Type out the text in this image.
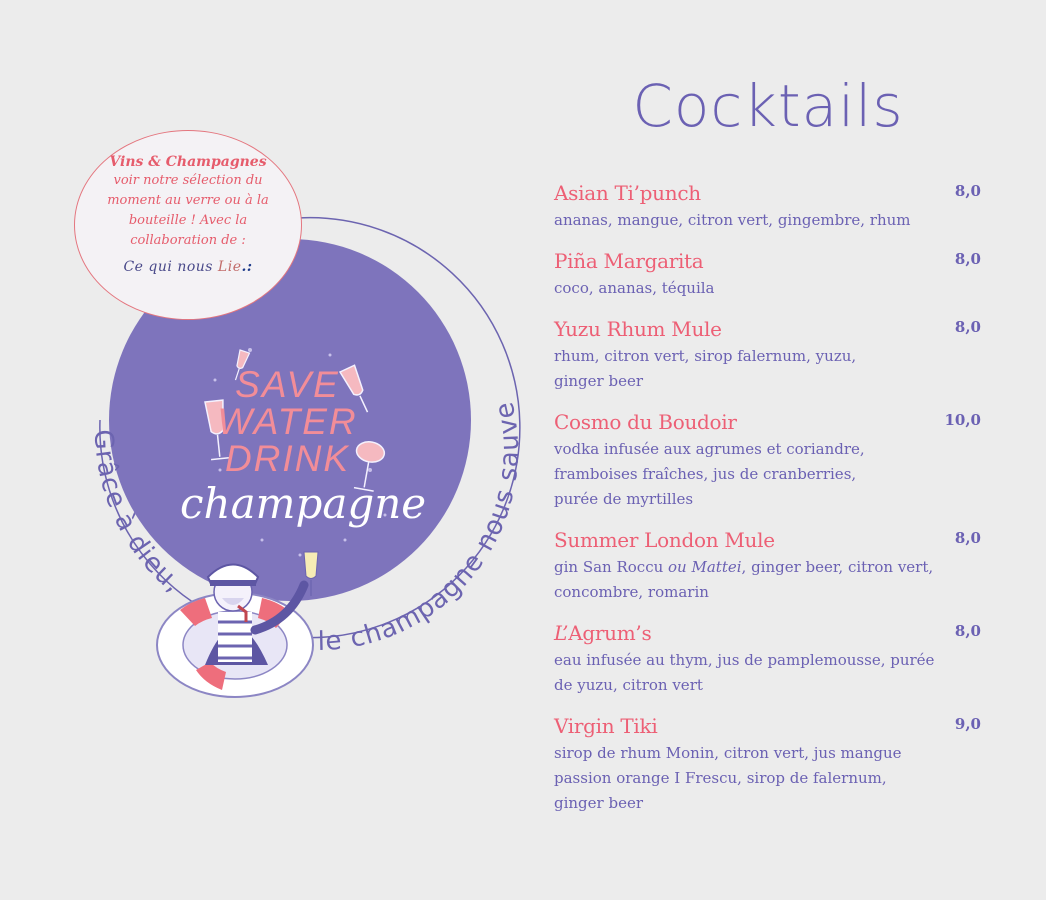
Grâce à dieu,
le champagne nous sauve
Vins & Champagnes
voir notre sélection du moment au verre ou à la bouteille ! Avec la collaboration de :
Ce qui nous Lie.:
SAVE
WATER
DRINK
champagne
Cocktails
Asian Ti’punch	8,0
ananas, mangue, citron vert, gingembre, rhum
Piña Margarita	8,0
coco, ananas, téquila
Yuzu Rhum Mule	8,0
rhum, citron vert, sirop falernum, yuzu,
ginger beer
Cosmo du Boudoir	10,0
vodka infusée aux agrumes et coriandre,
framboises fraîches, jus de cranberries,
purée de myrtilles
Summer London Mule	8,0
gin San Roccu ou Mattei, ginger beer, citron vert,
concombre, romarin
L’Agrum’s	8,0
eau infusée au thym, jus de pamplemousse, purée
de yuzu, citron vert
Virgin Tiki	9,0
sirop de rhum Monin, citron vert, jus mangue
passion orange I Frescu, sirop de falernum,
ginger beer
